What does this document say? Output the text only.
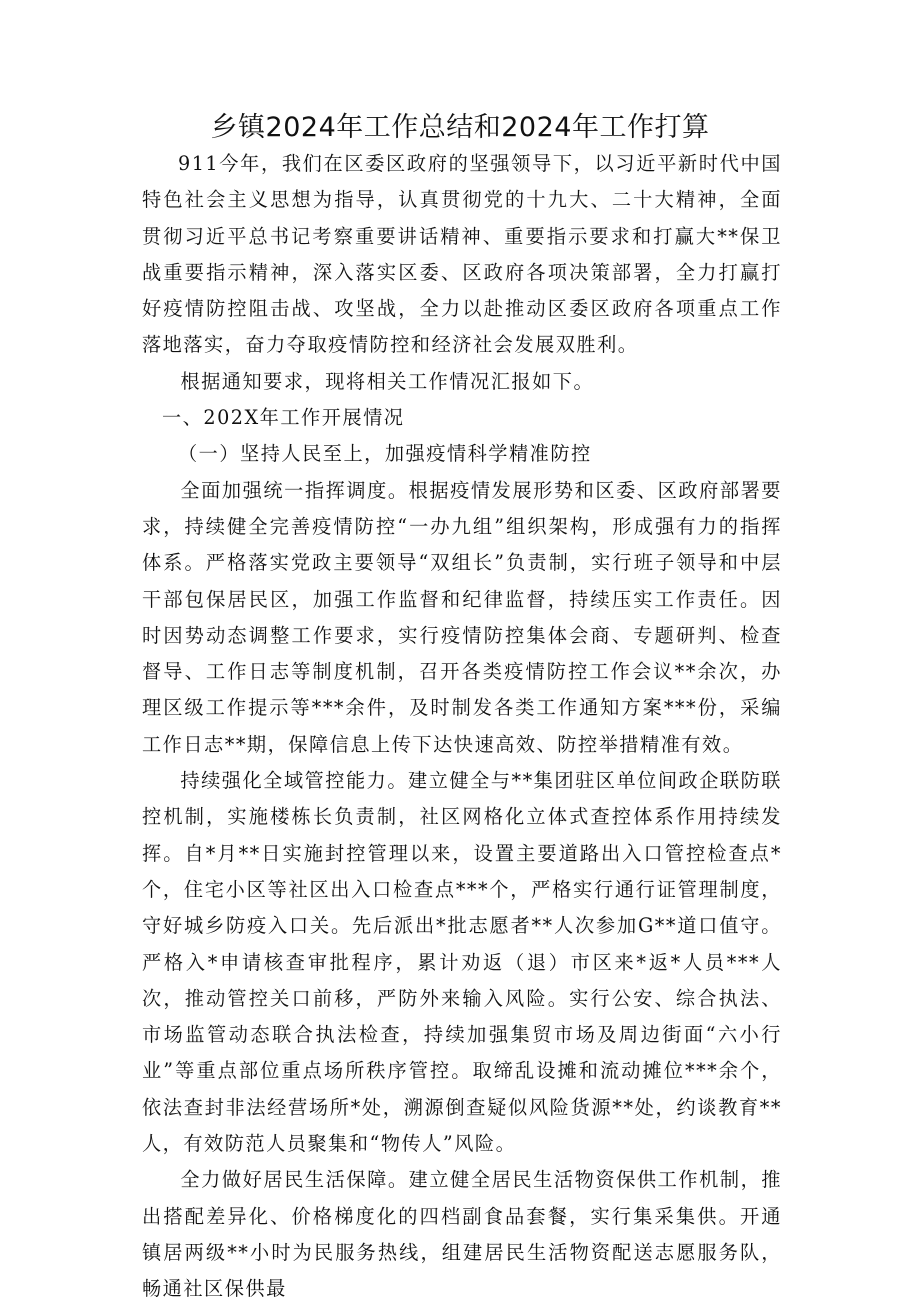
乡镇2024年工作总结和2024年工作打算

911今年，我们在区委区政府的坚强领导下，以习近平新时代中国特色社会主义思想为指导，认真贯彻党的十九大、二十大精神，全面贯彻习近平总书记考察重要讲话精神、重要指示要求和打赢大**保卫战重要指示精神，深入落实区委、区政府各项决策部署，全力打赢打好疫情防控阻击战、攻坚战，全力以赴推动区委区政府各项重点工作落地落实，奋力夺取疫情防控和经济社会发展双胜利。

根据通知要求，现将相关工作情况汇报如下。

一、202X年工作开展情况

（一）坚持人民至上，加强疫情科学精准防控

全面加强统一指挥调度。根据疫情发展形势和区委、区政府部署要求，持续健全完善疫情防控“一办九组”组织架构，形成强有力的指挥体系。严格落实党政主要领导“双组长”负责制，实行班子领导和中层干部包保居民区，加强工作监督和纪律监督，持续压实工作责任。因时因势动态调整工作要求，实行疫情防控集体会商、专题研判、检查督导、工作日志等制度机制，召开各类疫情防控工作会议**余次，办理区级工作提示等***余件，及时制发各类工作通知方案***份，采编工作日志**期，保障信息上传下达快速高效、防控举措精准有效。

持续强化全域管控能力。建立健全与**集团驻区单位间政企联防联控机制，实施楼栋长负责制，社区网格化立体式查控体系作用持续发挥。自*月**日实施封控管理以来，设置主要道路出入口管控检查点*个，住宅小区等社区出入口检查点***个，严格实行通行证管理制度，守好城乡防疫入口关。先后派出*批志愿者**人次参加G**道口值守。严格入*申请核查审批程序，累计劝返（退）市区来*返*人员***人次，推动管控关口前移，严防外来输入风险。实行公安、综合执法、市场监管动态联合执法检查，持续加强集贸市场及周边街面“六小行业”等重点部位重点场所秩序管控。取缔乱设摊和流动摊位***余个，依法查封非法经营场所*处，溯源倒查疑似风险货源**处，约谈教育**人，有效防范人员聚集和“物传人”风险。

全力做好居民生活保障。建立健全居民生活物资保供工作机制，推出搭配差异化、价格梯度化的四档副食品套餐，实行集采集供。开通镇居两级**小时为民服务热线，组建居民生活物资配送志愿服务队，畅通社区保供最
